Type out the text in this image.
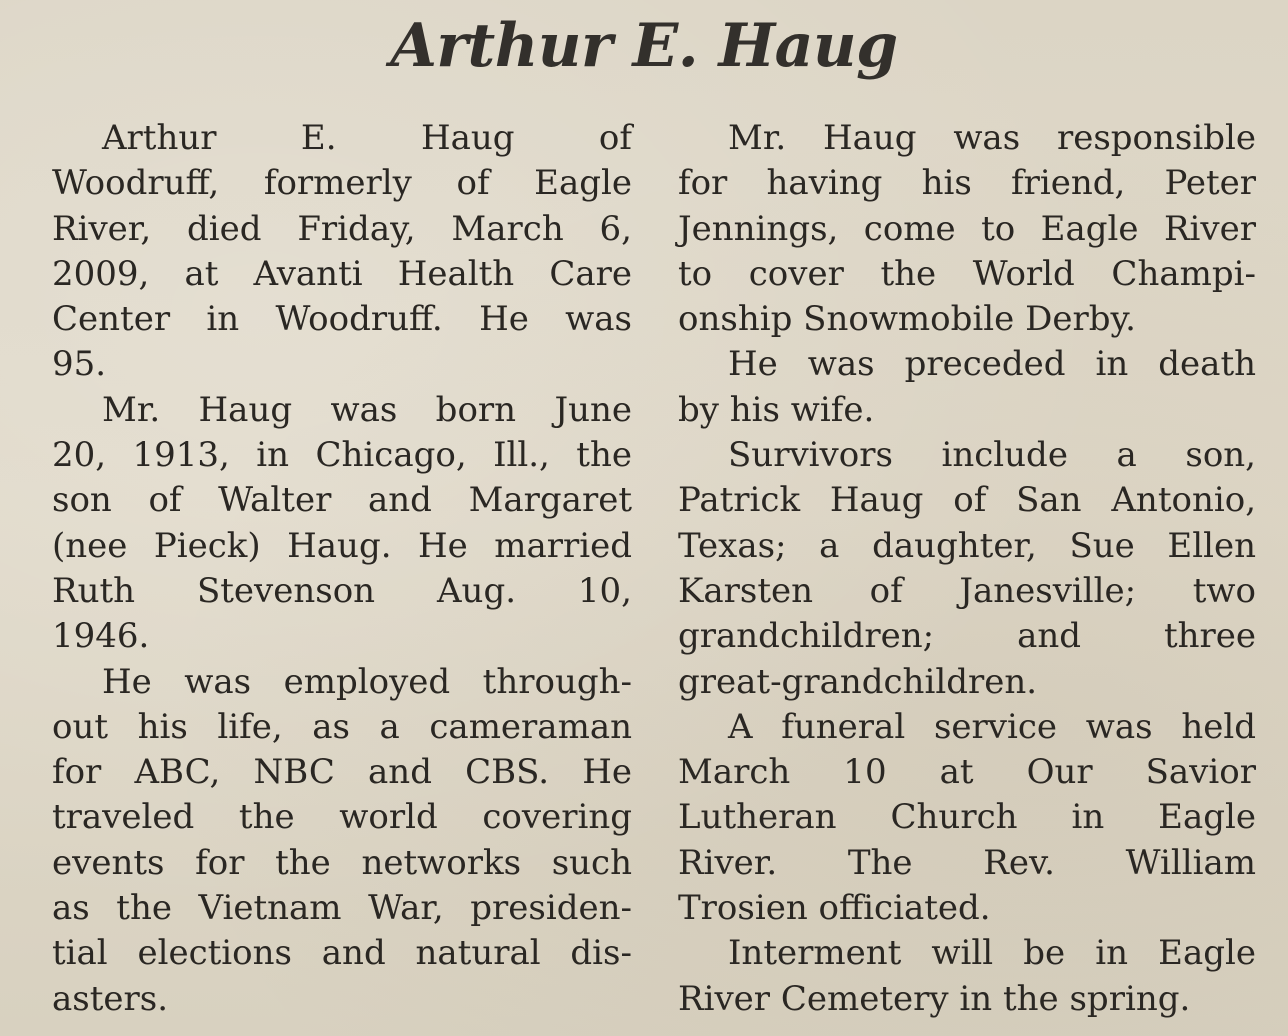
Arthur E. Haug
Arthur E. Haug of
Woodruff, formerly of Eagle
River, died Friday, March 6,
2009, at Avanti Health Care
Center in Woodruff. He was
95.
Mr. Haug was born June
20, 1913, in Chicago, Ill., the
son of Walter and Margaret
(nee Pieck) Haug. He married
Ruth Stevenson Aug. 10,
1946.
He was employed through-
out his life, as a cameraman
for ABC, NBC and CBS. He
traveled the world covering
events for the networks such
as the Vietnam War, presiden-
tial elections and natural dis-
asters.
Mr. Haug was responsible
for having his friend, Peter
Jennings, come to Eagle River
to cover the World Champi-
onship Snowmobile Derby.
He was preceded in death
by his wife.
Survivors include a son,
Patrick Haug of San Antonio,
Texas; a daughter, Sue Ellen
Karsten of Janesville; two
grandchildren; and three
great-grandchildren.
A funeral service was held
March 10 at Our Savior
Lutheran Church in Eagle
River. The Rev. William
Trosien officiated.
Interment will be in Eagle
River Cemetery in the spring.
